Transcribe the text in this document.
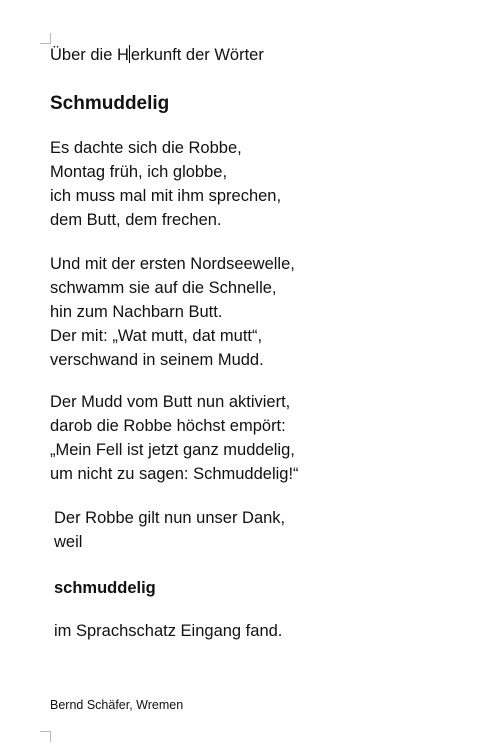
Über die H erkunft der Wörter
Schmuddelig

Es dachte sich die Robbe,
Montag früh, ich globbe,
ich muss mal mit ihm sprechen,
dem Butt, dem frechen.

Und mit der ersten Nordseewelle,
schwamm sie auf die Schnelle,
hin zum Nachbarn Butt.
Der mit: „Wat mutt, dat mutt“,
verschwand in seinem Mudd.

Der Mudd vom Butt nun aktiviert,
darob die Robbe höchst empört:
„Mein Fell ist jetzt ganz muddelig,
um nicht zu sagen: Schmuddelig!“

Der Robbe gilt nun unser Dank,
weil

schmuddelig
im Sprachschatz Eingang fand.
Bernd Schäfer, Wremen
